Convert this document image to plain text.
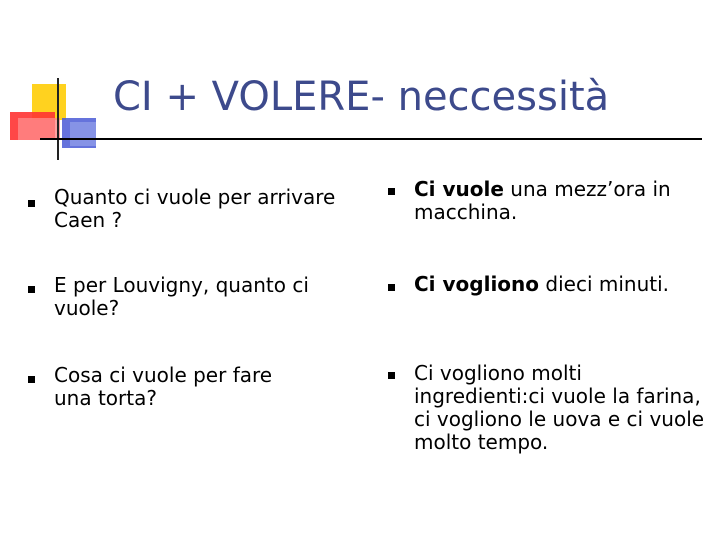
CI + VOLERE- neccessità
Quanto ci vuole per arrivare Caen ?
E per Louvigny, quanto ci vuole?
Cosa ci vuole per fare una torta?
Ci vuole una mezz’ora in macchina.
Ci vogliono dieci minuti.
Ci vogliono molti ingredienti:ci vuole la farina, ci vogliono le uova e ci vuole molto tempo.
